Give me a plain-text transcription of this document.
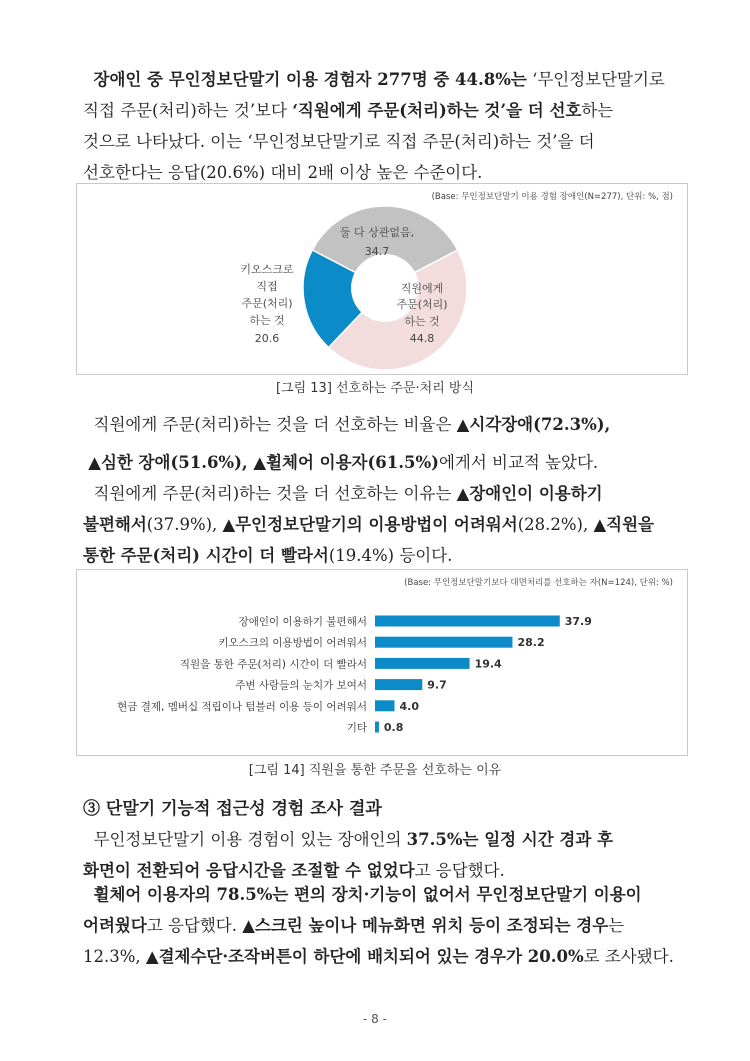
장애인 중 무인정보단말기 이용 경험자 277명 중 44.8%는 ‘무인정보단말기로
직접 주문(처리)하는 것’보다 ‘직원에게 주문(처리)하는 것’을 더 선호하는
것으로 나타났다. 이는 ‘무인정보단말기로 직접 주문(처리)하는 것’을 더
선호한다는 응답(20.6%) 대비 2배 이상 높은 수준이다.
(Base: 무인정보단말기 이용 경험 장애인(N=277), 단위: %, 점)
둘 다 상관없음,
34.7
직원에게
주문(처리)
하는 것
44.8
키오스크로
직접
주문(처리)
하는 것
20.6
[그림 13] 선호하는 주문·처리 방식
직원에게 주문(처리)하는 것을 더 선호하는 비율은 ▲시각장애(72.3%),
▲심한 장애(51.6%), ▲휠체어 이용자(61.5%)에게서 비교적 높았다.
직원에게 주문(처리)하는 것을 더 선호하는 이유는 ▲장애인이 이용하기
불편해서(37.9%), ▲무인정보단말기의 이용방법이 어려워서(28.2%), ▲직원을
통한 주문(처리) 시간이 더 빨라서(19.4%) 등이다.
(Base: 무인정보단말기보다 대면처리를 선호하는 자(N=124), 단위: %)
장애인이 이용하기 불편해서	37.9
키오스크의 이용방법이 어려워서	28.2
직원을 통한 주문(처리) 시간이 더 빨라서	19.4
주변 사람들의 눈치가 보여서	9.7
현금 결제, 멤버십 적립이나 텀블러 이용 등이 어려워서	4.0
기타 0.8
[그림 14] 직원을 통한 주문을 선호하는 이유
③ 단말기 기능적 접근성 경험 조사 결과
무인정보단말기 이용 경험이 있는 장애인의 37.5%는 일정 시간 경과 후
화면이 전환되어 응답시간을 조절할 수 없었다고 응답했다.
휠체어 이용자의 78.5%는 편의 장치·기능이 없어서 무인정보단말기 이용이
어려웠다고 응답했다. ▲스크린 높이나 메뉴화면 위치 등이 조정되는 경우는
12.3%, ▲결제수단·조작버튼이 하단에 배치되어 있는 경우가 20.0%로 조사됐다.
- 8 -
